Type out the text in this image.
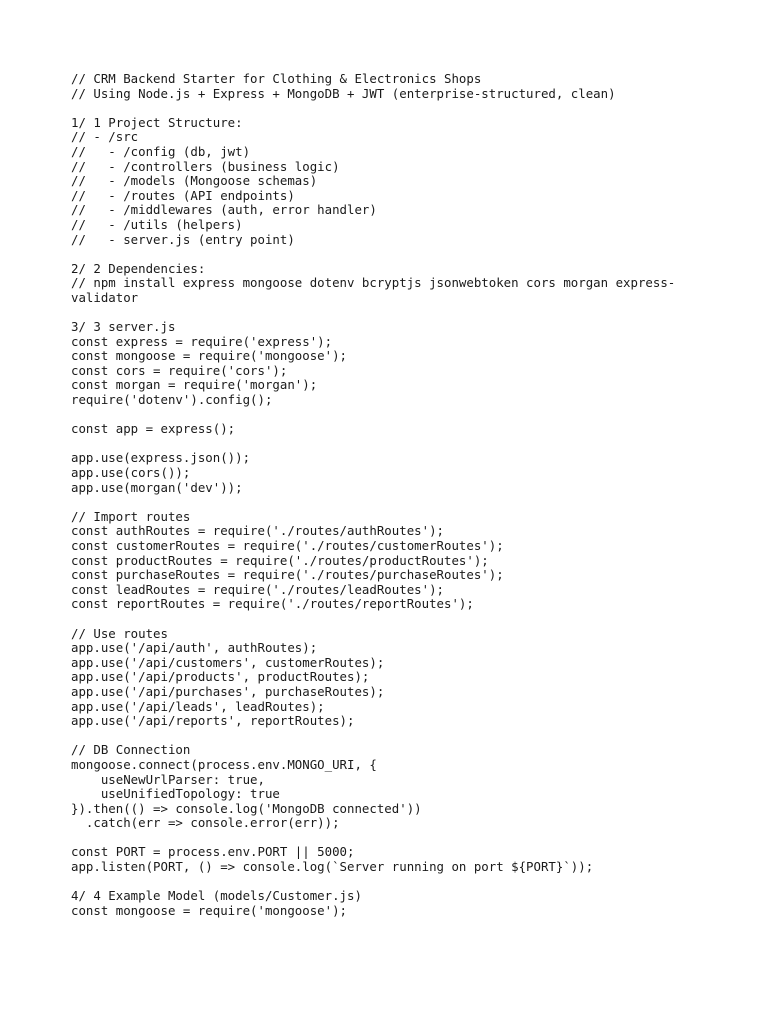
// CRM Backend Starter for Clothing & Electronics Shops
// Using Node.js + Express + MongoDB + JWT (enterprise-structured, clean)
1/ 1 Project Structure:
// - /src
//   - /config (db, jwt)
//   - /controllers (business logic)
//   - /models (Mongoose schemas)
//   - /routes (API endpoints)
//   - /middlewares (auth, error handler)
//   - /utils (helpers)
//   - server.js (entry point)
2/ 2 Dependencies:
// npm install express mongoose dotenv bcryptjs jsonwebtoken cors morgan express-
validator
3/ 3 server.js
const express = require('express');
const mongoose = require('mongoose');
const cors = require('cors');
const morgan = require('morgan');
require('dotenv').config();
const app = express();
app.use(express.json());
app.use(cors());
app.use(morgan('dev'));
// Import routes
const authRoutes = require('./routes/authRoutes');
const customerRoutes = require('./routes/customerRoutes');
const productRoutes = require('./routes/productRoutes');
const purchaseRoutes = require('./routes/purchaseRoutes');
const leadRoutes = require('./routes/leadRoutes');
const reportRoutes = require('./routes/reportRoutes');
// Use routes
app.use('/api/auth', authRoutes);
app.use('/api/customers', customerRoutes);
app.use('/api/products', productRoutes);
app.use('/api/purchases', purchaseRoutes);
app.use('/api/leads', leadRoutes);
app.use('/api/reports', reportRoutes);
// DB Connection
mongoose.connect(process.env.MONGO_URI, {
useNewUrlParser: true,
useUnifiedTopology: true
}).then(() => console.log('MongoDB connected'))
.catch(err => console.error(err));
const PORT = process.env.PORT || 5000;
app.listen(PORT, () => console.log(`Server running on port ${PORT}`));
4/ 4 Example Model (models/Customer.js)
const mongoose = require('mongoose');
